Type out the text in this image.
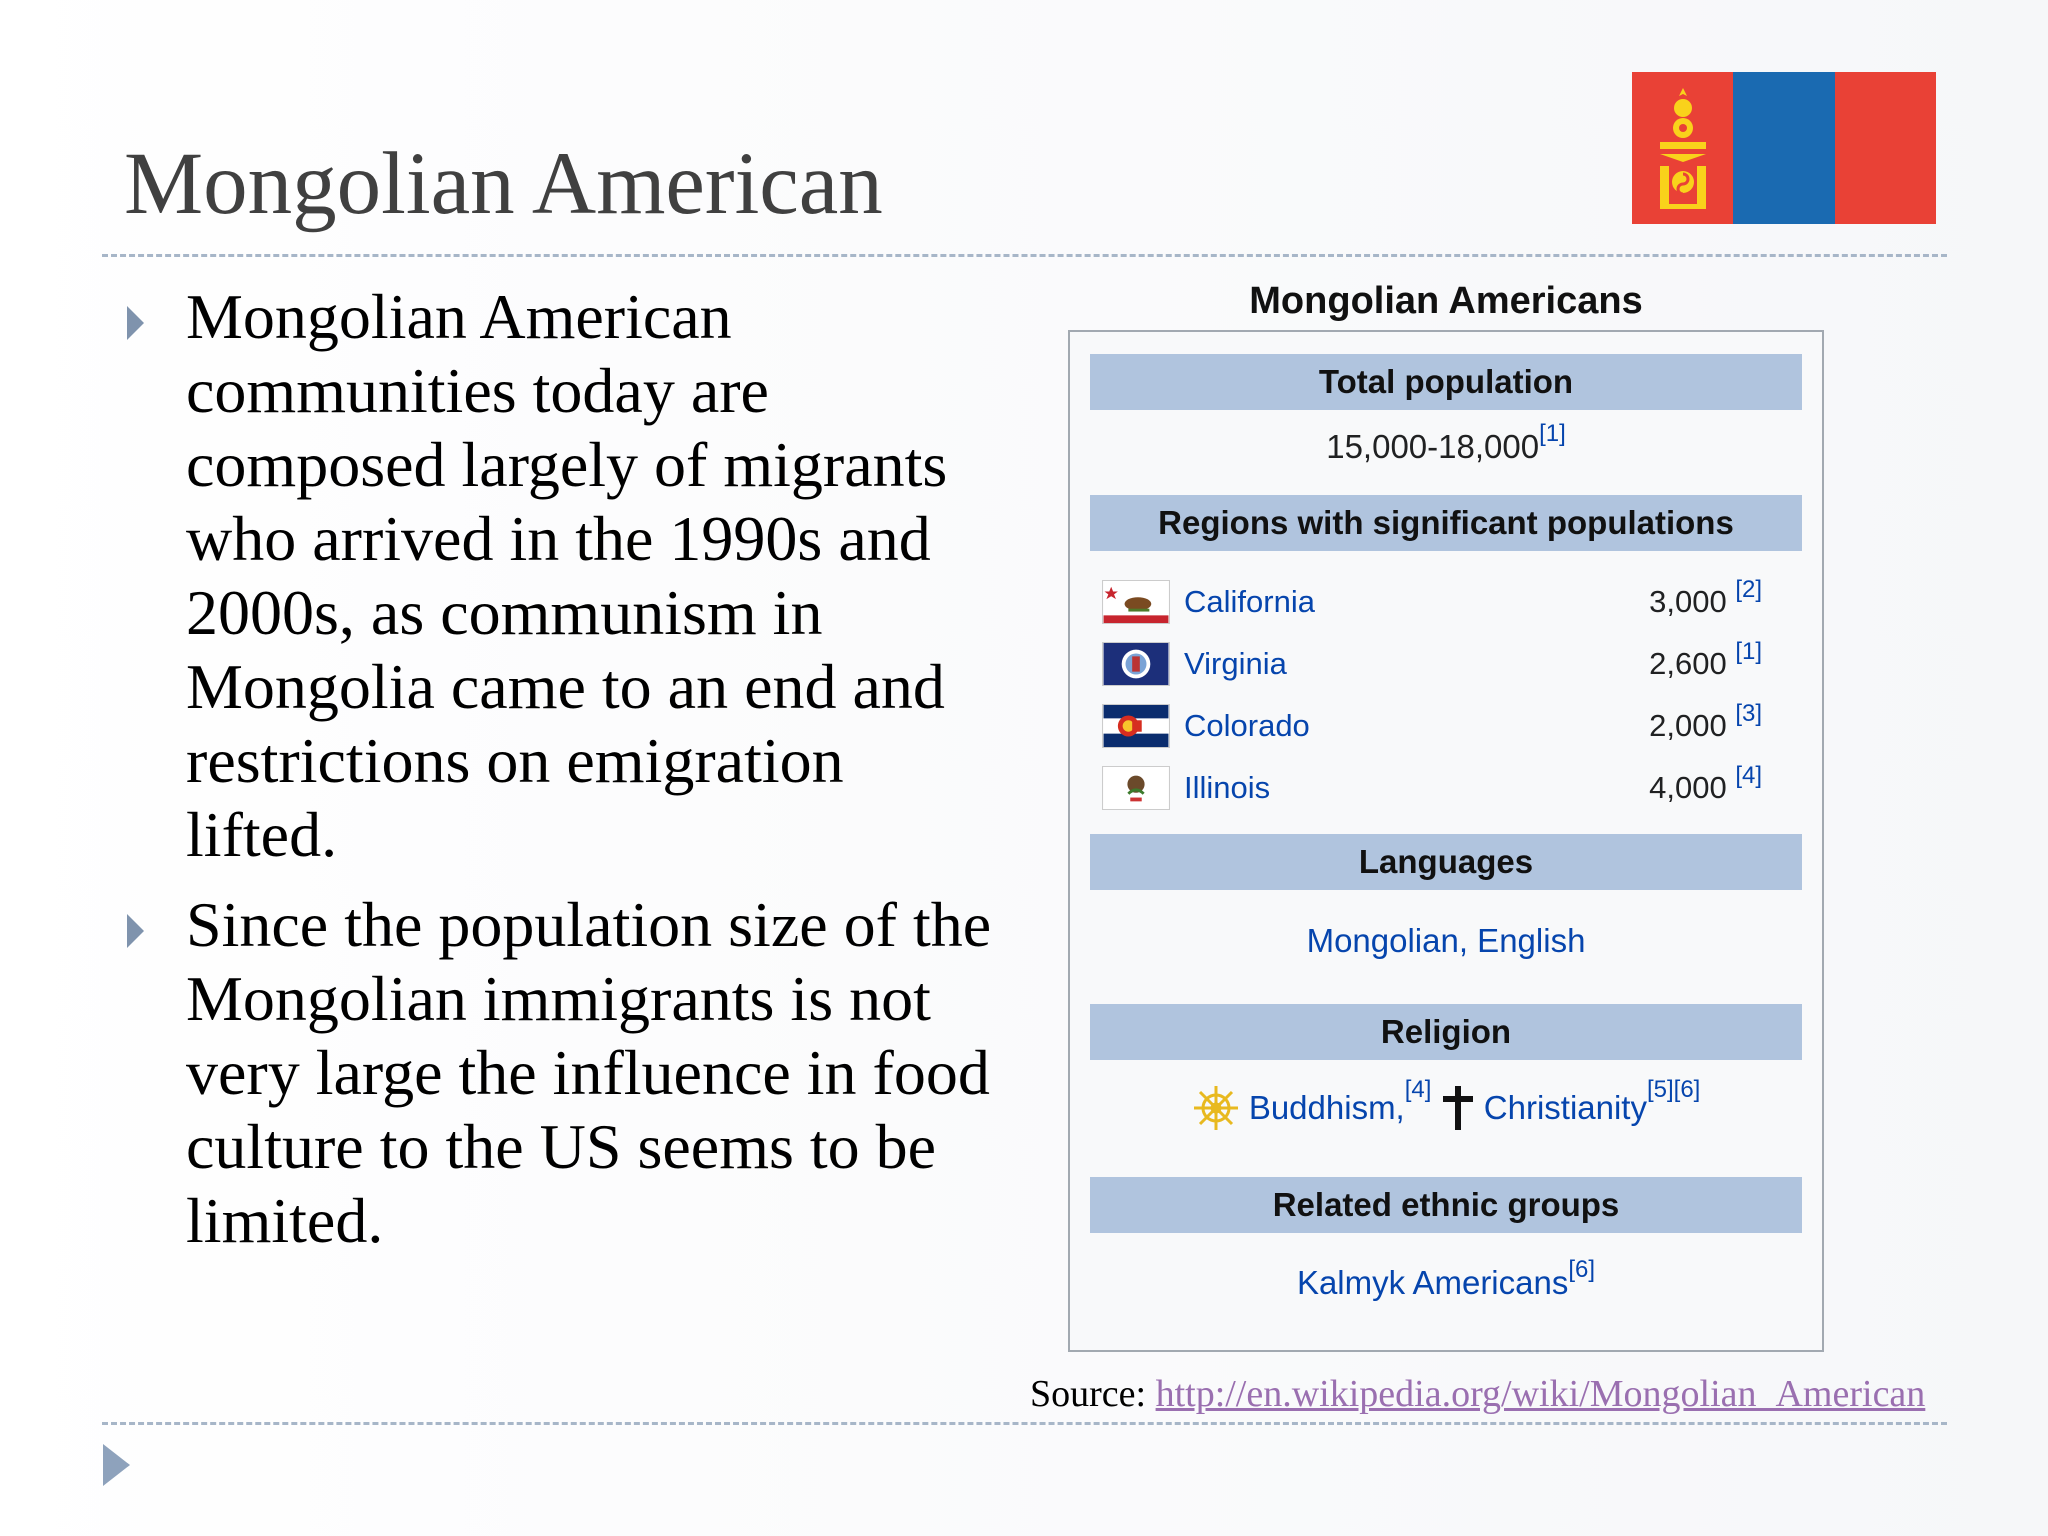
Mongolian American
Mongolian American communities today are composed largely of migrants who arrived in the 1990s and 2000s, as communism in Mongolia came to an end and restrictions on emigration lifted.
Since the population size of the Mongolian immigrants is not very large the influence in food culture to the US seems to be limited.
Mongolian Americans
Total population
15,000-18,000[1]
Regions with significant populations
California	3,000 [2]
Virginia	2,600 [1]
Colorado	2,000 [3]
Illinois	4,000 [4]
Languages
Mongolian, English
Religion
Buddhism,[4] Christianity[5][6]
Related ethnic groups
Kalmyk Americans[6]
Source: http://en.wikipedia.org/wiki/Mongolian_American
